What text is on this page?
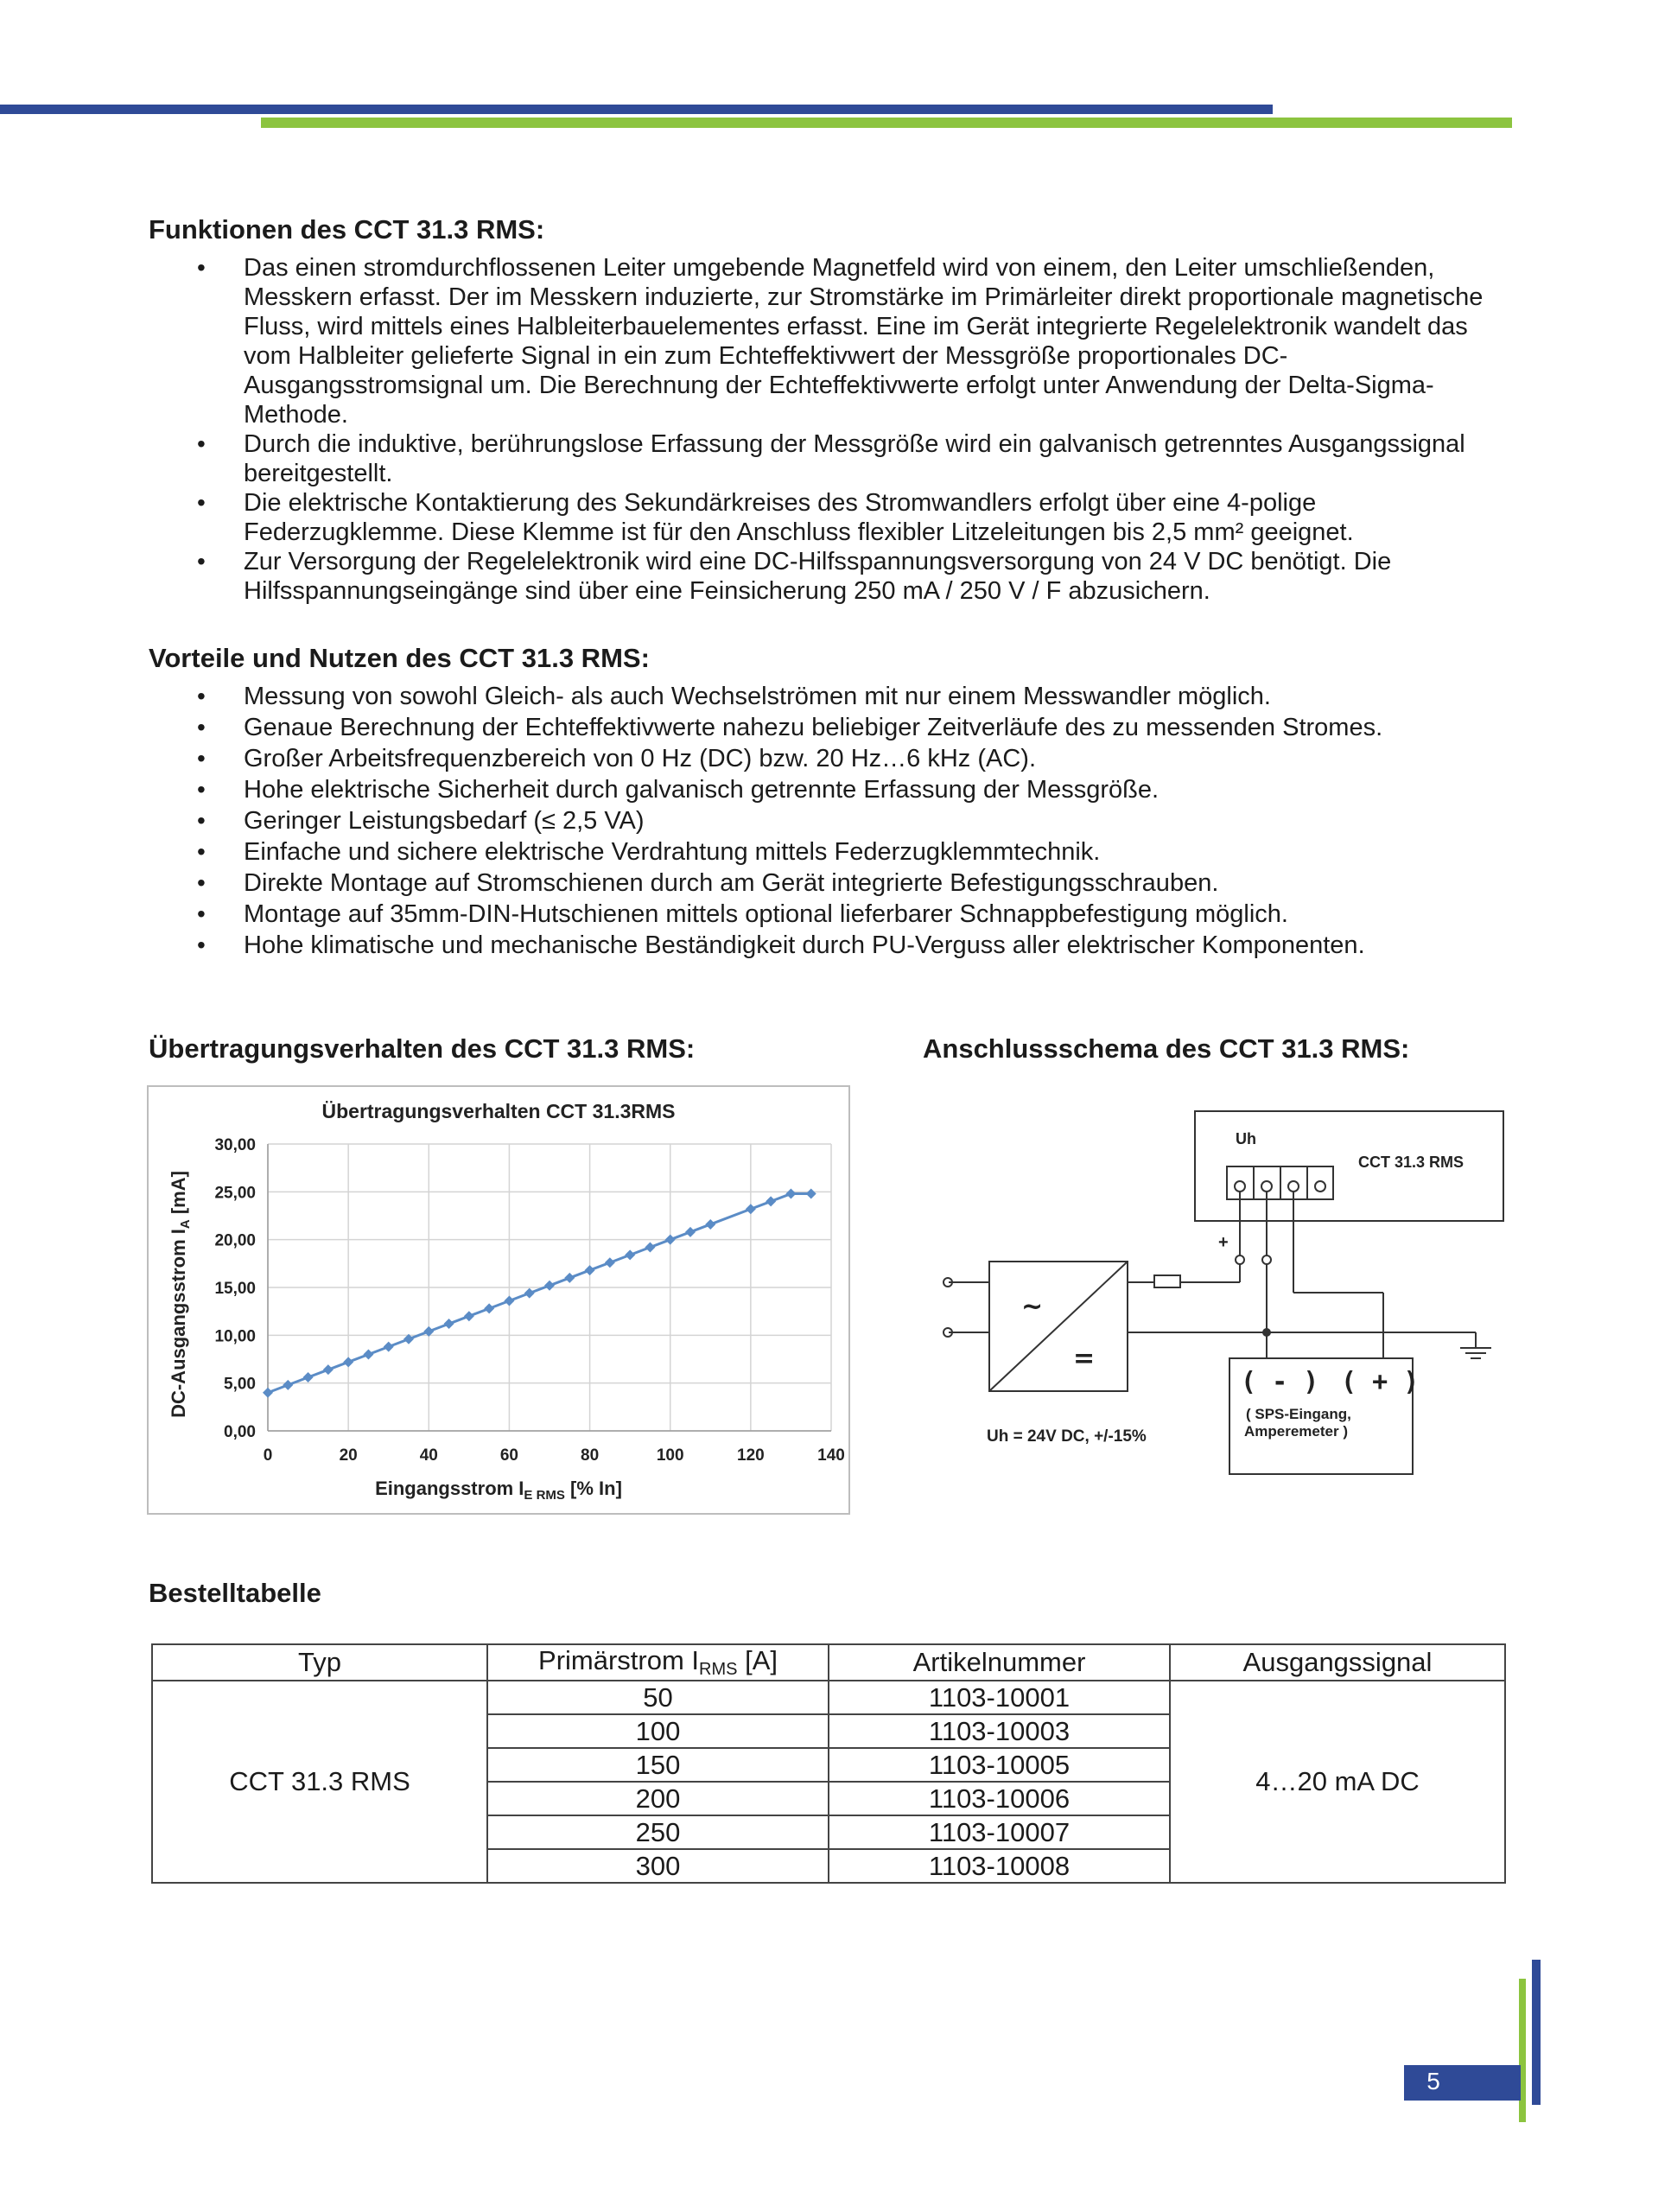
Funktionen des CCT 31.3 RMS:
• Das einen stromdurchflossenen Leiter umgebende Magnetfeld wird von einem, den Leiter umschließenden, Messkern erfasst. Der im Messkern induzierte, zur Stromstärke im Primärleiter direkt proportionale magnetische Fluss, wird mittels eines Halbleiterbauelementes erfasst. Eine im Gerät integrierte Regelelektronik wandelt das vom Halbleiter gelieferte Signal in ein zum Echteffektivwert der Messgröße proportionales DC-Ausgangsstromsignal um. Die Berechnung der Echteffektivwerte erfolgt unter Anwendung der Delta-Sigma-Methode.
• Durch die induktive, berührungslose Erfassung der Messgröße wird ein galvanisch getrenntes Ausgangssignal bereitgestellt.
• Die elektrische Kontaktierung des Sekundärkreises des Stromwandlers erfolgt über eine 4-polige Federzugklemme. Diese Klemme ist für den Anschluss flexibler Litzeleitungen bis 2,5 mm² geeignet.
• Zur Versorgung der Regelelektronik wird eine DC-Hilfsspannungsversorgung von 24 V DC benötigt. Die Hilfsspannungseingänge sind über eine Feinsicherung 250 mA / 250 V / F abzusichern.
Vorteile und Nutzen des CCT 31.3 RMS:
• Messung von sowohl Gleich- als auch Wechselströmen mit nur einem Messwandler möglich.
• Genaue Berechnung der Echteffektivwerte nahezu beliebiger Zeitverläufe des zu messenden Stromes.
• Großer Arbeitsfrequenzbereich von 0 Hz (DC) bzw. 20 Hz…6 kHz (AC).
• Hohe elektrische Sicherheit durch galvanisch getrennte Erfassung der Messgröße.
• Geringer Leistungsbedarf (≤ 2,5 VA)
• Einfache und sichere elektrische Verdrahtung mittels Federzugklemmtechnik.
• Direkte Montage auf Stromschienen durch am Gerät integrierte Befestigungsschrauben.
• Montage auf 35mm-DIN-Hutschienen mittels optional lieferbarer Schnappbefestigung möglich.
• Hohe klimatische und mechanische Beständigkeit durch PU-Verguss aller elektrischer Komponenten.
Übertragungsverhalten des CCT 31.3 RMS:	Anschlussschema des CCT 31.3 RMS:
Übertragungsverhalten CCT 31.3RMS
0,00
5,00
10,00
15,00
20,00
25,00
30,00
0	20	40	60	80	100	120	140
Eingangsstrom $I_{E RMS}$ [% In]
DC-Ausgangsstrom $I_A$ [mA]
Uh
CCT 31.3 RMS
+
~
=
Uh = 24V DC, +/-15%
( - ) ( + )
( SPS-Eingang,
Amperemeter )
Bestelltabelle
Typ	Primärstrom $I_{RMS}$ [A]	Artikelnummer	Ausgangssignal
CCT 31.3 RMS	50	1103-10001	4…20 mA DC
	100	1103-10003	
	150	1103-10005	
	200	1103-10006	
	250	1103-10007	
	300	1103-10008	
5
